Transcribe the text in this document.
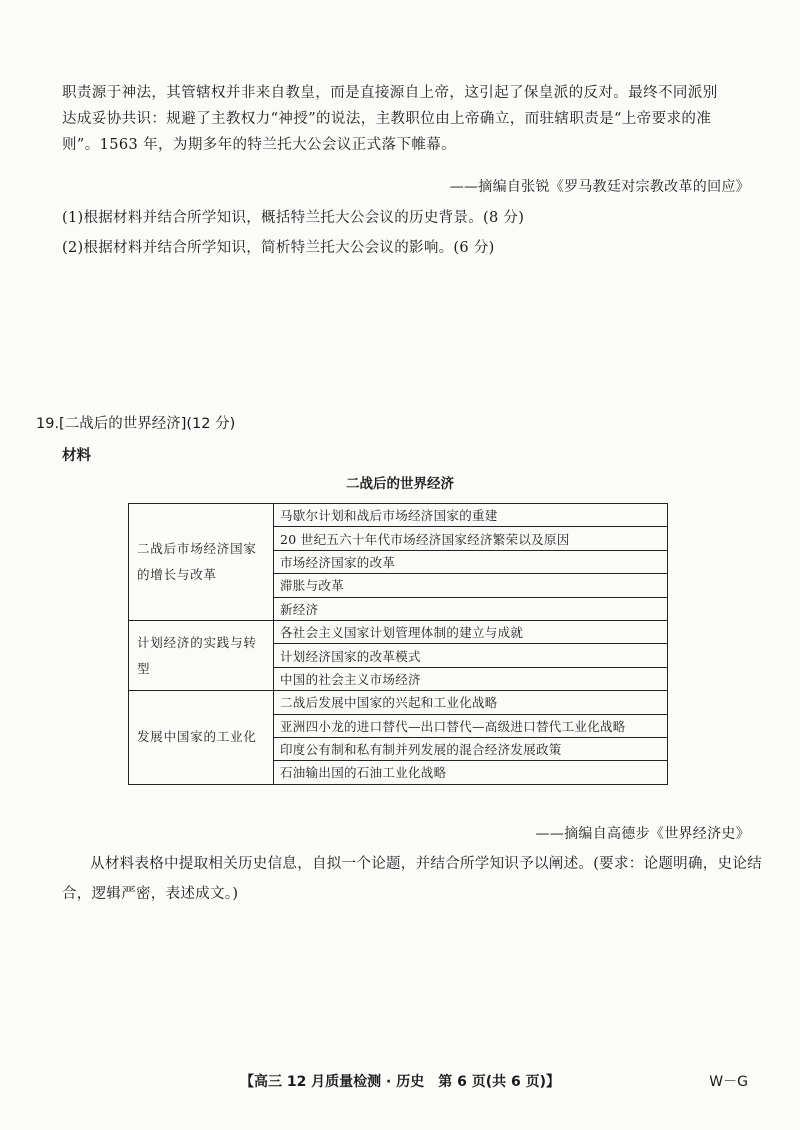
职责源于神法，其管辖权并非来自教皇，而是直接源自上帝，这引起了保皇派的反对。最终不同派别

达成妥协共识：规避了主教权力“神授”的说法，主教职位由上帝确立，而驻辖职责是“上帝要求的准

则”。1563 年，为期多年的特兰托大公会议正式落下帷幕。

——摘编自张锐《罗马教廷对宗教改革的回应》
(1)根据材料并结合所学知识，概括特兰托大公会议的历史背景。(8 分)
(2)根据材料并结合所学知识，简析特兰托大公会议的影响。(6 分)
19.[二战后的世界经济](12 分)
材料
二战后的世界经济
二战后市场经济国家的增长与改革	马歇尔计划和战后市场经济国家的重建
	20 世纪五六十年代市场经济国家经济繁荣以及原因
	市场经济国家的改革
	滞胀与改革
	新经济
计划经济的实践与转型	各社会主义国家计划管理体制的建立与成就
	计划经济国家的改革模式
	中国的社会主义市场经济
发展中国家的工业化	二战后发展中国家的兴起和工业化战略
	亚洲四小龙的进口替代—出口替代—高级进口替代工业化战略
	印度公有制和私有制并列发展的混合经济发展政策
	石油输出国的石油工业化战略
——摘编自高德步《世界经济史》

从材料表格中提取相关历史信息，自拟一个论题，并结合所学知识予以阐述。(要求：论题明确，史论结合，逻辑严密，表述成文。)

【高三 12 月质量检测 · 历史　第 6 页(共 6 页)】	W－G
